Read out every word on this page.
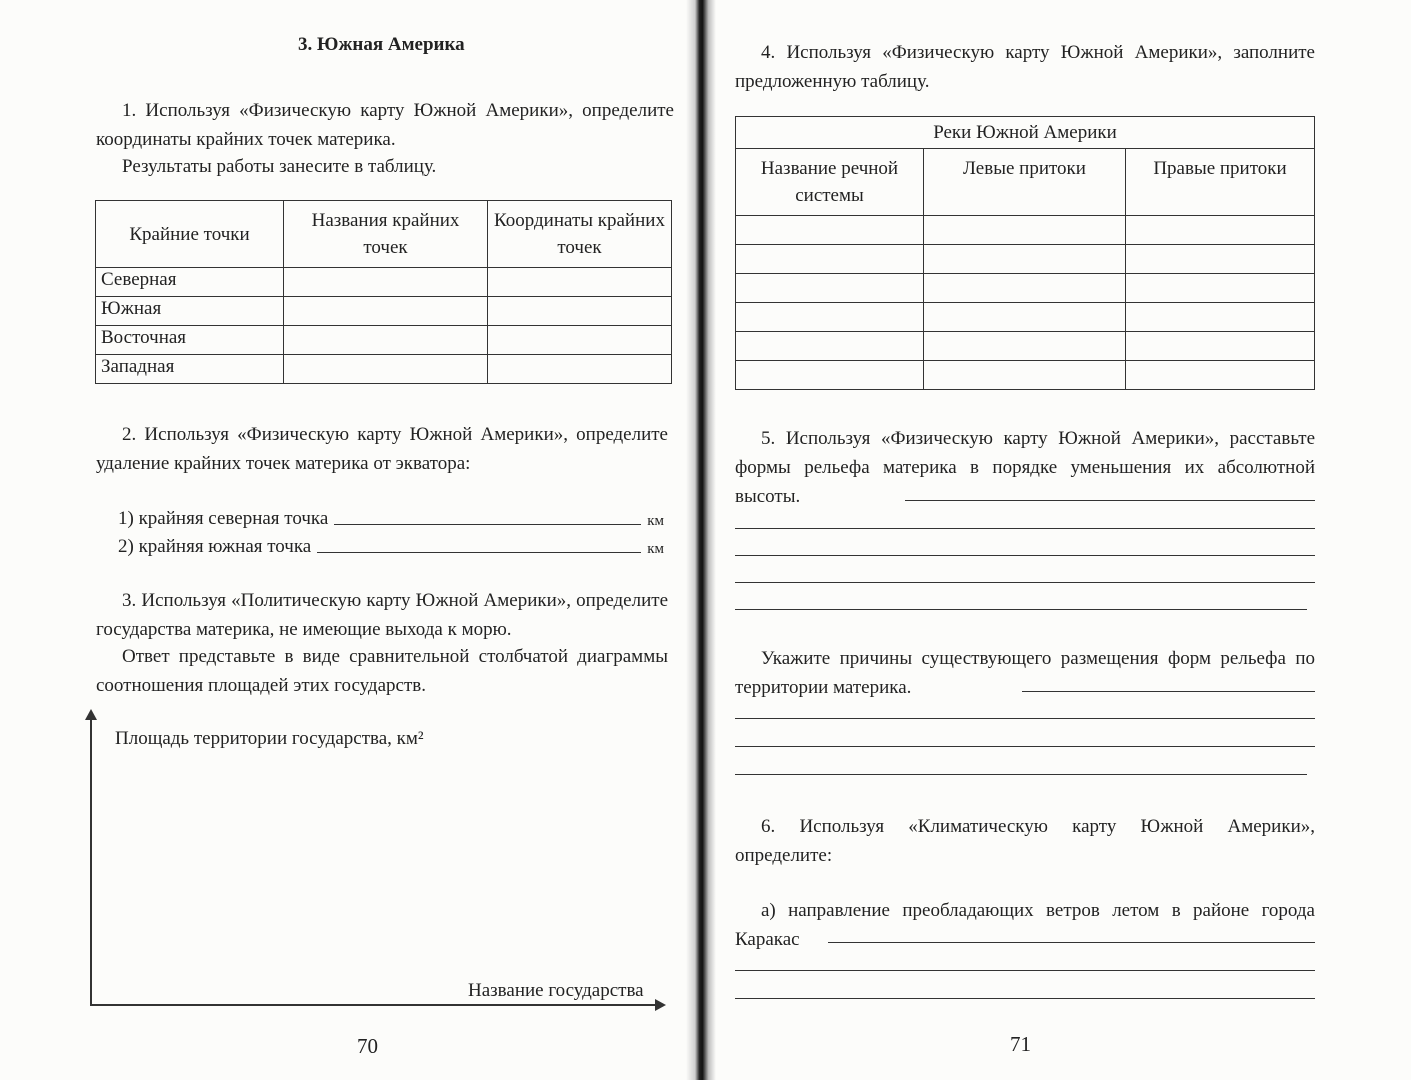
3. Южная Америка
1. Используя «Физическую карту Южной Америки», определите координаты крайних точек материка.
Результаты работы занесите в таблицу.
Крайние точки	Названия крайних точек	Координаты крайних точек
Северная		
Южная		
Восточная		
Западная		
2. Используя «Физическую карту Южной Америки», определите удаление крайних точек материка от экватора:
1) крайняя северная точка	км
2) крайняя южная точка	км
3. Используя «Политическую карту Южной Америки», определите государства материка, не имеющие выхода к морю.
Ответ представьте в виде сравнительной столбчатой диаграммы соотношения площадей этих государств.
Площадь территории государства, км²
Название государства
70
4. Используя «Физическую карту Южной Америки», заполните предложенную таблицу.
Реки Южной Америки		
Название речной системы	Левые притоки	Правые притоки

5. Используя «Физическую карту Южной Америки», расставьте формы рельефа материка в порядке уменьшения их абсолютной высоты.
Укажите причины существующего размещения форм рельефа по территории материка.
6. Используя «Климатическую карту Южной Америки», определите:
а) направление преобладающих ветров летом в районе города Каракас
71
